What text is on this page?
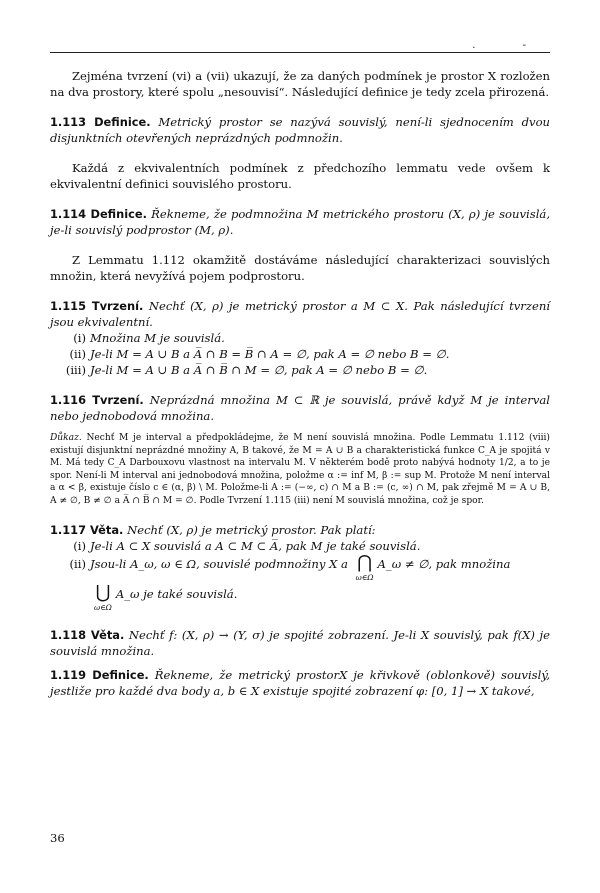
. -

Zejména tvrzení (vi) a (vii) ukazují, že za daných podmínek je prostor X rozložen na dva prostory, které spolu „nesouvisí“. Následující definice je tedy zcela přirozená.

1.113 Definice. Metrický prostor se nazývá souvislý, není-li sjednocením dvou disjunktních otevřených neprázdných podmnožin.

Každá z ekvivalentních podmínek z předchozího lemmatu vede ovšem k ekvivalentní definici souvislého prostoru.

1.114 Definice. Řekneme, že podmnožina M metrického prostoru (X, ρ) je souvislá, je-li souvislý podprostor (M, ρ).

Z Lemmatu 1.112 okamžitě dostáváme následující charakterizaci souvislých množin, která nevyžívá pojem podprostoru.

1.115 Tvrzení. Nechť (X, ρ) je metrický prostor a M ⊂ X. Pak následující tvrzení jsou ekvivalentní.

(i) Množina M je souvislá.
(ii) Je-li M = A ∪ B a A̅ ∩ B = B̅ ∩ A = ∅, pak A = ∅ nebo B = ∅.
(iii) Je-li M = A ∪ B a A̅ ∩ B̅ ∩ M = ∅, pak A = ∅ nebo B = ∅.

1.116 Tvrzení. Neprázdná množina M ⊂ ℝ je souvislá, právě když M je interval nebo jednobodová množina.

Důkaz. Nechť M je interval a předpokládejme, že M není souvislá množina. Podle Lemmatu 1.112 (viii) existují disjunktní neprázdné množiny A, B takové, že M = A ∪ B a charakteristická funkce C_A je spojitá v M. Má tedy C_A Darbouxovu vlastnost na intervalu M. V některém bodě proto nabývá hodnoty 1/2, a to je spor. Není-li M interval ani jednobodová množina, položme α := inf M, β := sup M. Protože M není interval a α < β, existuje číslo c ∈ (α, β) \ M. Položme-li A := (−∞, c) ∩ M a B := (c, ∞) ∩ M, pak zřejmě M = A ∪ B, A ≠ ∅, B ≠ ∅ a A̅ ∩ B̅ ∩ M = ∅. Podle Tvrzení 1.115 (iii) není M souvislá množina, což je spor.

1.117 Věta. Nechť (X, ρ) je metrický prostor. Pak platí:

(i) Je-li A ⊂ X souvislá a A ⊂ M ⊂ A̅, pak M je také souvislá.
(ii) Jsou-li A_ω, ω ∈ Ω, souvislé podmnožiny X a ⋂
ω∈ΩA_ω ≠ ∅, pak množina
⋃
ω∈ΩA_ω je také souvislá.

1.118 Věta. Nechť f: (X, ρ) → (Y, σ) je spojité zobrazení. Je-li X souvislý, pak f(X) je souvislá množina.

1.119 Definice. Řekneme, že metrický prostorX je křivkově (oblonkově) souvislý, jestliže pro každé dva body a, b ∈ X existuje spojité zobrazení φ: [0, 1] → X takové,

36
